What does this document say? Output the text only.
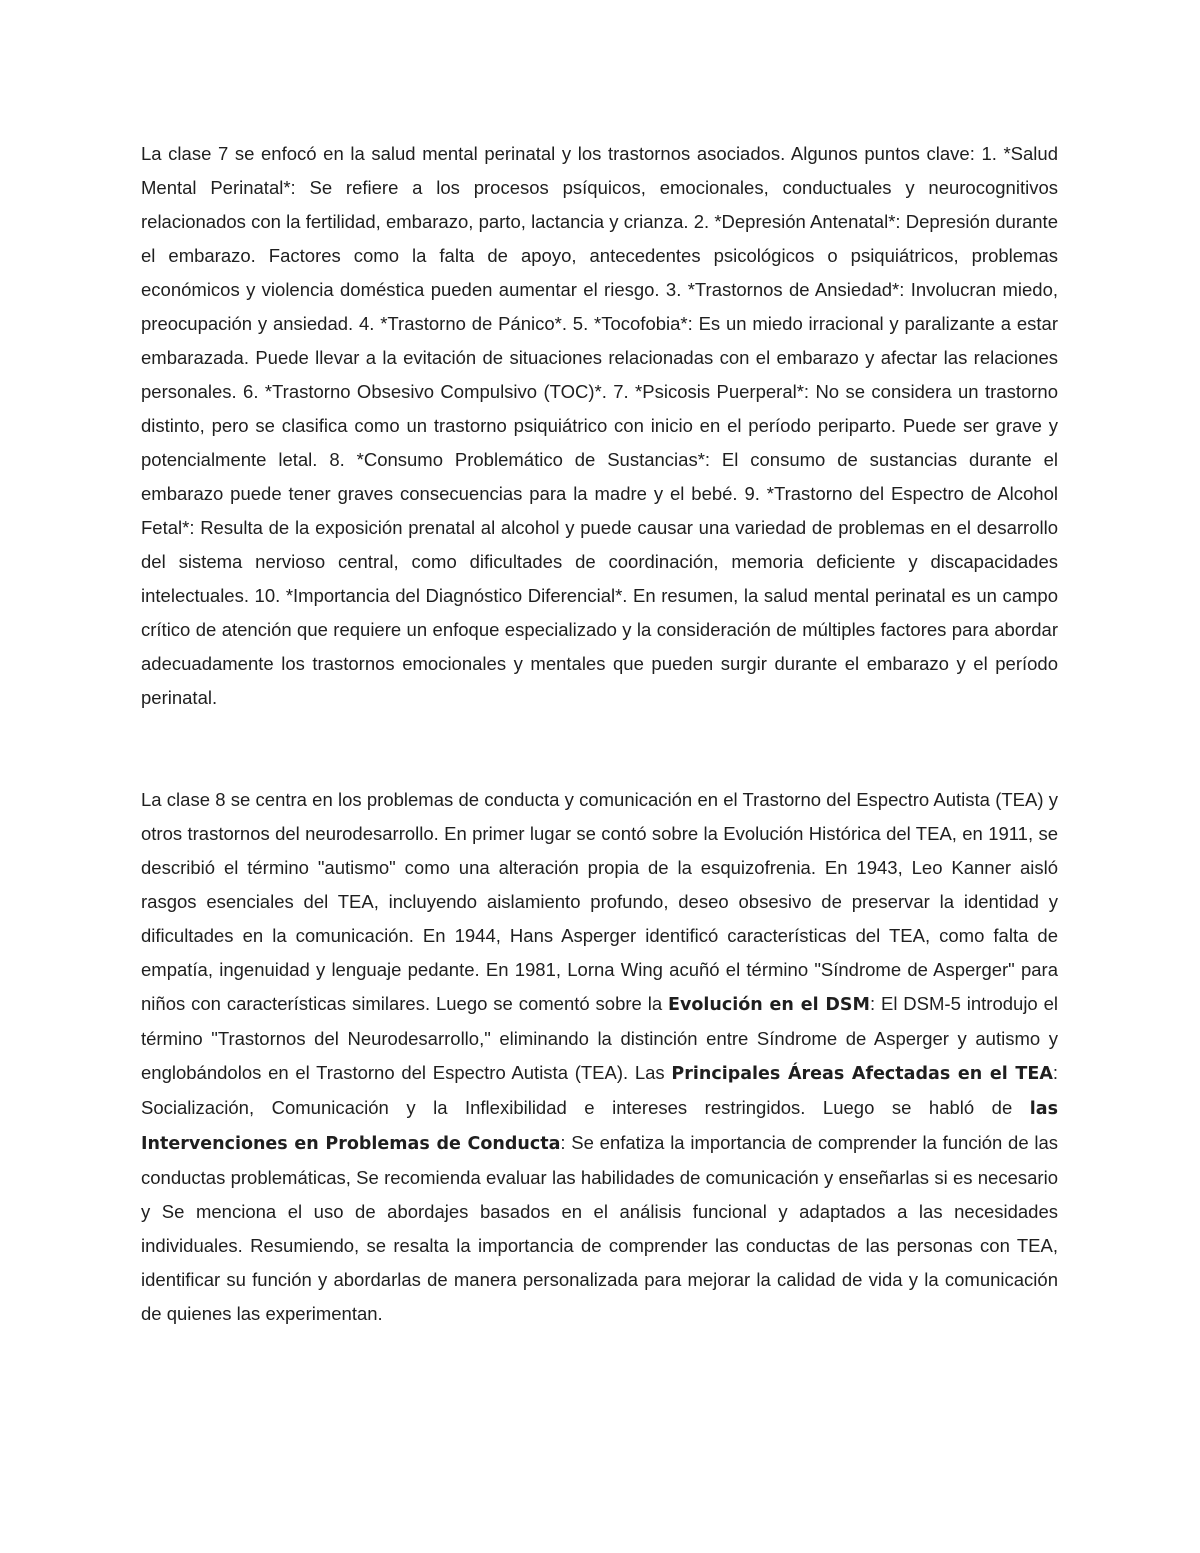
La clase 7 se enfocó en la salud mental perinatal y los trastornos asociados. Algunos puntos clave: 1. *Salud Mental Perinatal*: Se refiere a los procesos psíquicos, emocionales, conductuales y neurocognitivos relacionados con la fertilidad, embarazo, parto, lactancia y crianza. 2. *Depresión Antenatal*: Depresión durante el embarazo. Factores como la falta de apoyo, antecedentes psicológicos o psiquiátricos, problemas económicos y violencia doméstica pueden aumentar el riesgo. 3. *Trastornos de Ansiedad*: Involucran miedo, preocupación y ansiedad. 4. *Trastorno de Pánico*. 5. *Tocofobia*: Es un miedo irracional y paralizante a estar embarazada. Puede llevar a la evitación de situaciones relacionadas con el embarazo y afectar las relaciones personales. 6. *Trastorno Obsesivo Compulsivo (TOC)*. 7. *Psicosis Puerperal*: No se considera un trastorno distinto, pero se clasifica como un trastorno psiquiátrico con inicio en el período periparto. Puede ser grave y potencialmente letal. 8. *Consumo Problemático de Sustancias*: El consumo de sustancias durante el embarazo puede tener graves consecuencias para la madre y el bebé. 9. *Trastorno del Espectro de Alcohol Fetal*: Resulta de la exposición prenatal al alcohol y puede causar una variedad de problemas en el desarrollo del sistema nervioso central, como dificultades de coordinación, memoria deficiente y discapacidades intelectuales. 10. *Importancia del Diagnóstico Diferencial*. En resumen, la salud mental perinatal es un campo crítico de atención que requiere un enfoque especializado y la consideración de múltiples factores para abordar adecuadamente los trastornos emocionales y mentales que pueden surgir durante el embarazo y el período perinatal.

La clase 8 se centra en los problemas de conducta y comunicación en el Trastorno del Espectro Autista (TEA) y otros trastornos del neurodesarrollo. En primer lugar se contó sobre la Evolución Histórica del TEA, en 1911, se describió el término "autismo" como una alteración propia de la esquizofrenia. En 1943, Leo Kanner aisló rasgos esenciales del TEA, incluyendo aislamiento profundo, deseo obsesivo de preservar la identidad y dificultades en la comunicación. En 1944, Hans Asperger identificó características del TEA, como falta de empatía, ingenuidad y lenguaje pedante. En 1981, Lorna Wing acuñó el término "Síndrome de Asperger" para niños con características similares. Luego se comentó sobre la Evolución en el DSM: El DSM-5 introdujo el término "Trastornos del Neurodesarrollo," eliminando la distinción entre Síndrome de Asperger y autismo y englobándolos en el Trastorno del Espectro Autista (TEA). Las Principales Áreas Afectadas en el TEA: Socialización, Comunicación y la Inflexibilidad e intereses restringidos. Luego se habló de las Intervenciones en Problemas de Conducta: Se enfatiza la importancia de comprender la función de las conductas problemáticas, Se recomienda evaluar las habilidades de comunicación y enseñarlas si es necesario y Se menciona el uso de abordajes basados en el análisis funcional y adaptados a las necesidades individuales. Resumiendo, se resalta la importancia de comprender las conductas de las personas con TEA, identificar su función y abordarlas de manera personalizada para mejorar la calidad de vida y la comunicación de quienes las experimentan.
